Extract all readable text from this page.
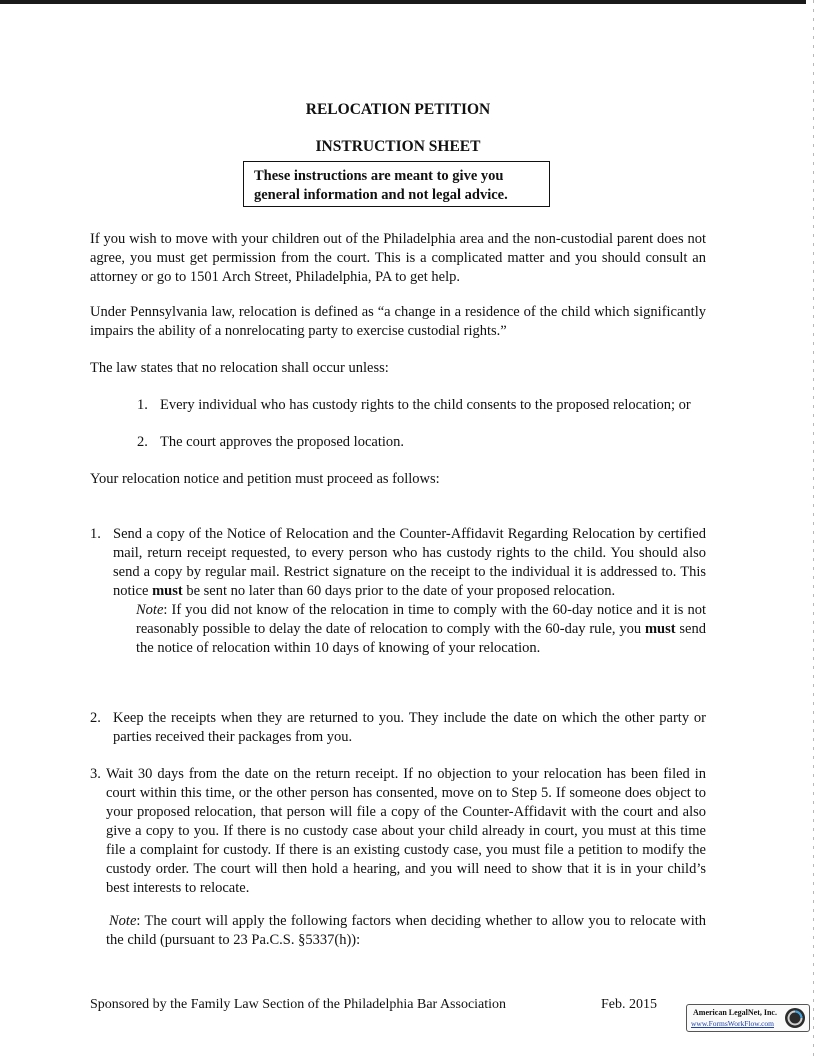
RELOCATION PETITION
INSTRUCTION SHEET
These instructions are meant to give you
general information and not legal advice.

If you wish to move with your children out of the Philadelphia area and the non-custodial parent does not agree, you must get permission from the court. This is a complicated matter and you should consult an attorney or go to 1501 Arch Street, Philadelphia, PA to get help.

Under Pennsylvania law, relocation is defined as “a change in a residence of the child which significantly impairs the ability of a nonrelocating party to exercise custodial rights.”

The law states that no relocation shall occur unless:

1. Every individual who has custody rights to the child consents to the proposed relocation; or
2. The court approves the proposed location.

Your relocation notice and petition must proceed as follows:

1. Send a copy of the Notice of Relocation and the Counter-Affidavit Regarding Relocation by certified mail, return receipt requested, to every person who has custody rights to the child. You should also send a copy by regular mail. Restrict signature on the receipt to the individual it is addressed to. This notice must be sent no later than 60 days prior to the date of your proposed relocation.
Note: If you did not know of the relocation in time to comply with the 60-day notice and it is not reasonably possible to delay the date of relocation to comply with the 60-day rule, you must send the notice of relocation within 10 days of knowing of your relocation.
2. Keep the receipts when they are returned to you. They include the date on which the other party or parties received their packages from you.
3. Wait 30 days from the date on the return receipt. If no objection to your relocation has been filed in court within this time, or the other person has consented, move on to Step 5. If someone does object to your proposed relocation, that person will file a copy of the Counter-Affidavit with the court and also give a copy to you. If there is no custody case about your child already in court, you must at this time file a complaint for custody. If there is an existing custody case, you must file a petition to modify the custody order. The court will then hold a hearing, and you will need to show that it is in your child’s best interests to relocate.
Note: The court will apply the following factors when deciding whether to allow you to relocate with the child (pursuant to 23 Pa.C.S. §5337(h)):
Sponsored by the Family Law Section of the Philadelphia Bar Association	Feb. 2015
American LegalNet, Inc.
www.FormsWorkFlow.com
